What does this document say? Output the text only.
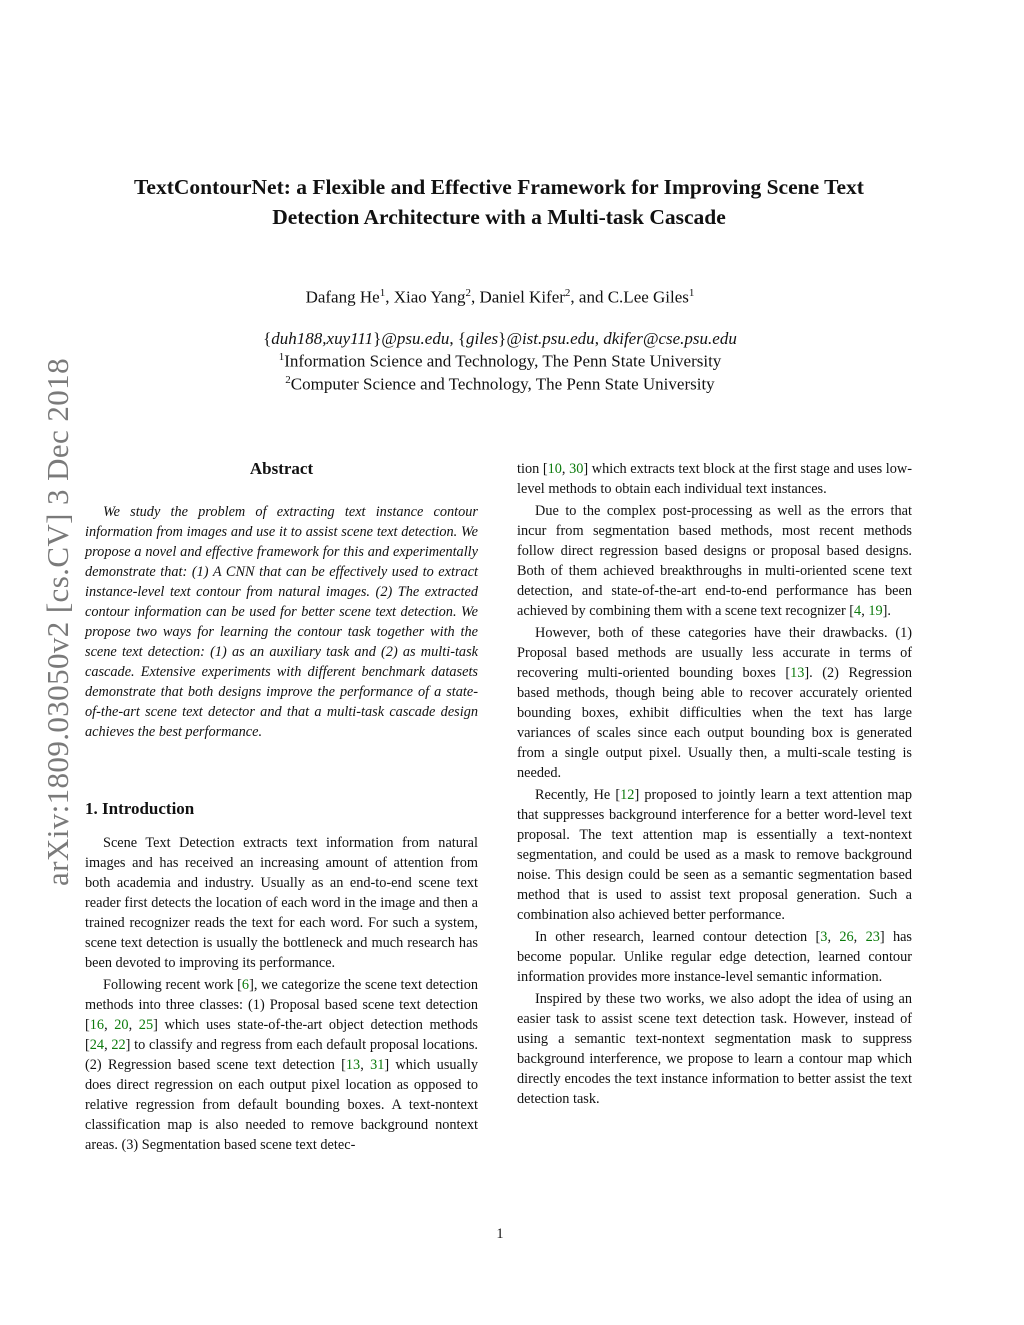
arXiv:1809.03050v2 [cs.CV] 3 Dec 2018
TextContourNet: a Flexible and Effective Framework for Improving Scene Text
Detection Architecture with a Multi-task Cascade
Dafang He$^1$, Xiao Yang$^2$, Daniel Kifer$^2$, and C.Lee Giles$^1$
{duh188,xuy111}@psu.edu, {giles}@ist.psu.edu, dkifer@cse.psu.edu
$^1$Information Science and Technology, The Penn State University
$^2$Computer Science and Technology, The Penn State University
Abstract

We study the problem of extracting text instance contour information from images and use it to assist scene text detection. We propose a novel and effective framework for this and experimentally demonstrate that: (1) A CNN that can be effectively used to extract instance-level text contour from natural images. (2) The extracted contour information can be used for better scene text detection. We propose two ways for learning the contour task together with the scene text detection: (1) as an auxiliary task and (2) as multi-task cascade. Extensive experiments with different benchmark datasets demonstrate that both designs improve the performance of a state-of-the-art scene text detector and that a multi-task cascade design achieves the best performance.

1. Introduction

Scene Text Detection extracts text information from natural images and has received an increasing amount of attention from both academia and industry. Usually as an end-to-end scene text reader first detects the location of each word in the image and then a trained recognizer reads the text for each word. For such a system, scene text detection is usually the bottleneck and much research has been devoted to improving its performance.

Following recent work [6], we categorize the scene text detection methods into three classes: (1) Proposal based scene text detection [16, 20, 25] which uses state-of-the-art object detection methods [24, 22] to classify and regress from each default proposal locations. (2) Regression based scene text detection [13, 31] which usually does direct regression on each output pixel location as opposed to relative regression from default bounding boxes. A text-nontext classification map is also needed to remove background nontext areas. (3) Segmentation based scene text detec-

tion [10, 30] which extracts text block at the first stage and uses low-level methods to obtain each individual text instances.

Due to the complex post-processing as well as the errors that incur from segmentation based methods, most recent methods follow direct regression based designs or proposal based designs. Both of them achieved breakthroughs in multi-oriented scene text detection, and state-of-the-art end-to-end performance has been achieved by combining them with a scene text recognizer [4, 19].

However, both of these categories have their drawbacks. (1) Proposal based methods are usually less accurate in terms of recovering multi-oriented bounding boxes [13]. (2) Regression based methods, though being able to recover accurately oriented bounding boxes, exhibit difficulties when the text has large variances of scales since each output bounding box is generated from a single output pixel. Usually then, a multi-scale testing is needed.

Recently, He [12] proposed to jointly learn a text attention map that suppresses background interference for a better word-level text proposal. The text attention map is essentially a text-nontext segmentation, and could be used as a mask to remove background noise. This design could be seen as a semantic segmentation based method that is used to assist text proposal generation. Such a combination also achieved better performance.

In other research, learned contour detection [3, 26, 23] has become popular. Unlike regular edge detection, learned contour information provides more instance-level semantic information.

Inspired by these two works, we also adopt the idea of using an easier task to assist scene text detection task. However, instead of using a semantic text-nontext segmentation mask to suppress background interference, we propose to learn a contour map which directly encodes the text instance information to better assist the text detection task.

1
